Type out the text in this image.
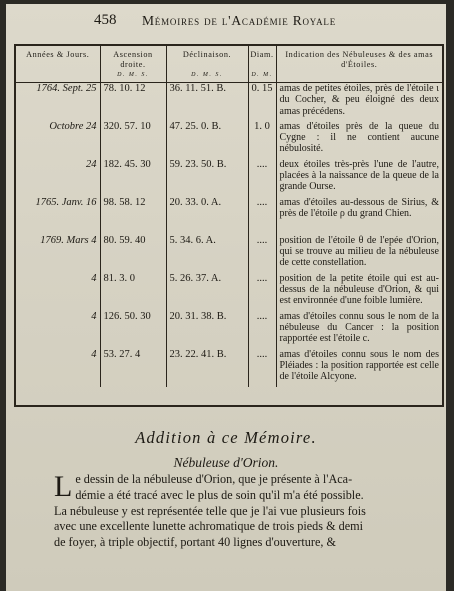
458 Mémoires de l'Académie Royale
Années & Jours.	Ascension droite.	Déclinaison.	Diam.	Indication des Nébuleuses & des amas d'Étoiles.
	D. M. S.	D. M. S.	D. M.	
1764. Sept. 25	78. 10. 12	36. 11. 51. B.	0. 15	amas de petites étoiles, près de l'étoile ι du Cocher, & peu éloigné des deux amas précédens.
Octobre 24	320. 57. 10	47. 25. 0. B.	1. 0	amas d'étoiles près de la queue du Cygne : il ne contient aucune nébulosité.
24	182. 45. 30	59. 23. 50. B.	....	deux étoiles très-près l'une de l'autre, placées à la naissance de la queue de la grande Ourse.
1765. Janv. 16	98. 58. 12	20. 33. 0. A.	....	amas d'étoiles au-dessous de Sirius, & près de l'étoile ρ du grand Chien.
1769. Mars 4	80. 59. 40	5. 34. 6. A.	....	position de l'étoile θ de l'epée d'Orion, qui se trouve au milieu de la nébuleuse de cette constellation.
4	81. 3. 0	5. 26. 37. A.	....	position de la petite étoile qui est au-dessus de la nébuleuse d'Orion, & qui est environnée d'une foible lumière.
4	126. 50. 30	20. 31. 38. B.	....	amas d'étoiles connu sous le nom de la nébuleuse du Cancer : la position rapportée est l'étoile c.
4	53. 27. 4	23. 22. 41. B.	....	amas d'étoiles connu sous le nom des Pléiades : la position rapportée est celle de l'étoile Alcyone.
Addition à ce Mémoire.
Nébuleuse d'Orion.
L e dessin de la nébuleuse d'Orion, que je présente à l'Aca-
démie a été tracé avec le plus de soin qu'il m'a été possible.
La nébuleuse y est représentée telle que je l'ai vue plusieurs fois
avec une excellente lunette achromatique de trois pieds & demi
de foyer, à triple objectif, portant 40 lignes d'ouverture, &
